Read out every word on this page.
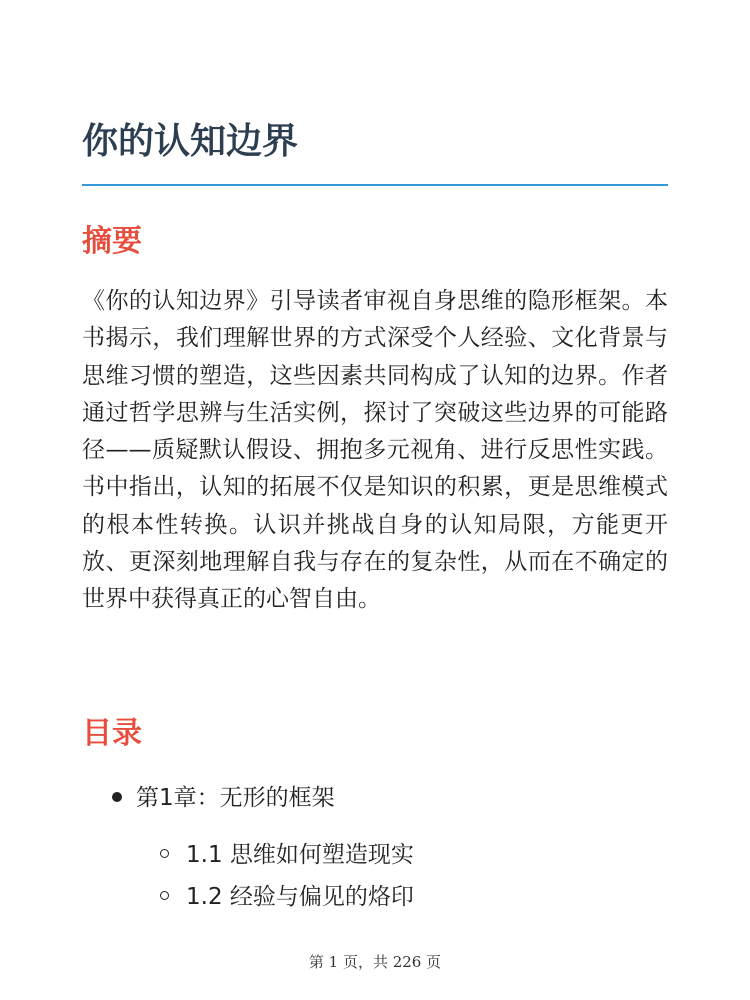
你的认知边界
摘要

《你的认知边界》引导读者审视自身思维的隐形框架。本书揭示，我们理解世界的方式深受个人经验、文化背景与思维习惯的塑造，这些因素共同构成了认知的边界。作者通过哲学思辨与生活实例，探讨了突破这些边界的可能路径——质疑默认假设、拥抱多元视角、进行反思性实践。书中指出，认知的拓展不仅是知识的积累，更是思维模式的根本性转换。认识并挑战自身的认知局限，方能更开放、更深刻地理解自我与存在的复杂性，从而在不确定的世界中获得真正的心智自由。

目录
第1章：无形的框架
1.1 思维如何塑造现实
1.2 经验与偏见的烙印
第 1 页，共 226 页
